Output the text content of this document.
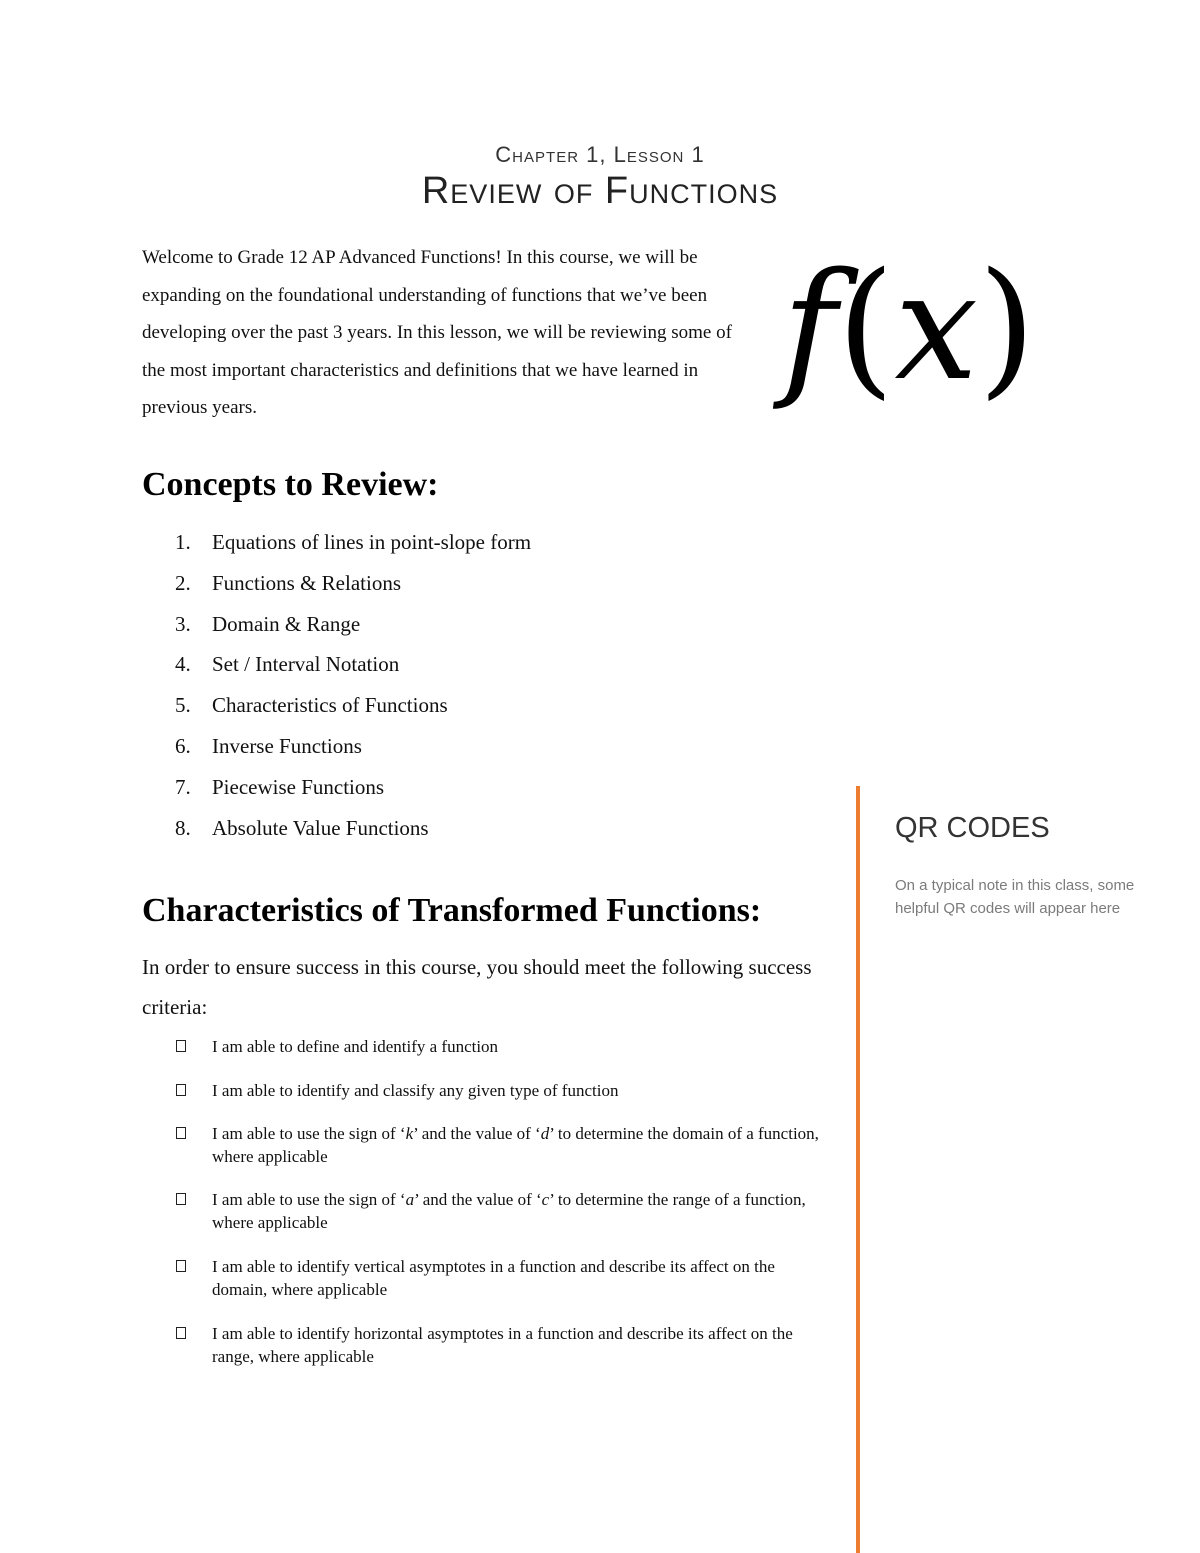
Chapter 1, Lesson 1
Review of Functions
Welcome to Grade 12 AP Advanced Functions! In this course, we will be expanding on the foundational understanding of functions that we’ve been developing over the past 3 years. In this lesson, we will be reviewing some of the most important characteristics and definitions that we have learned in previous years.	f(x)
Concepts to Review:
1. Equations of lines in point-slope form
2. Functions & Relations
3. Domain & Range
4. Set / Interval Notation
5. Characteristics of Functions
6. Inverse Functions
7. Piecewise Functions
8. Absolute Value Functions
Characteristics of Transformed Functions:
In order to ensure success in this course, you should meet the following success criteria:
I am able to define and identify a function
I am able to identify and classify any given type of function
I am able to use the sign of ‘k’ and the value of ‘d’ to determine the domain of a function, where applicable
I am able to use the sign of ‘a’ and the value of ‘c’ to determine the range of a function, where applicable
I am able to identify vertical asymptotes in a function and describe its affect on the domain, where applicable
I am able to identify horizontal asymptotes in a function and describe its affect on the range, where applicable
QR CODES
On a typical note in this class, some helpful QR codes will appear here
